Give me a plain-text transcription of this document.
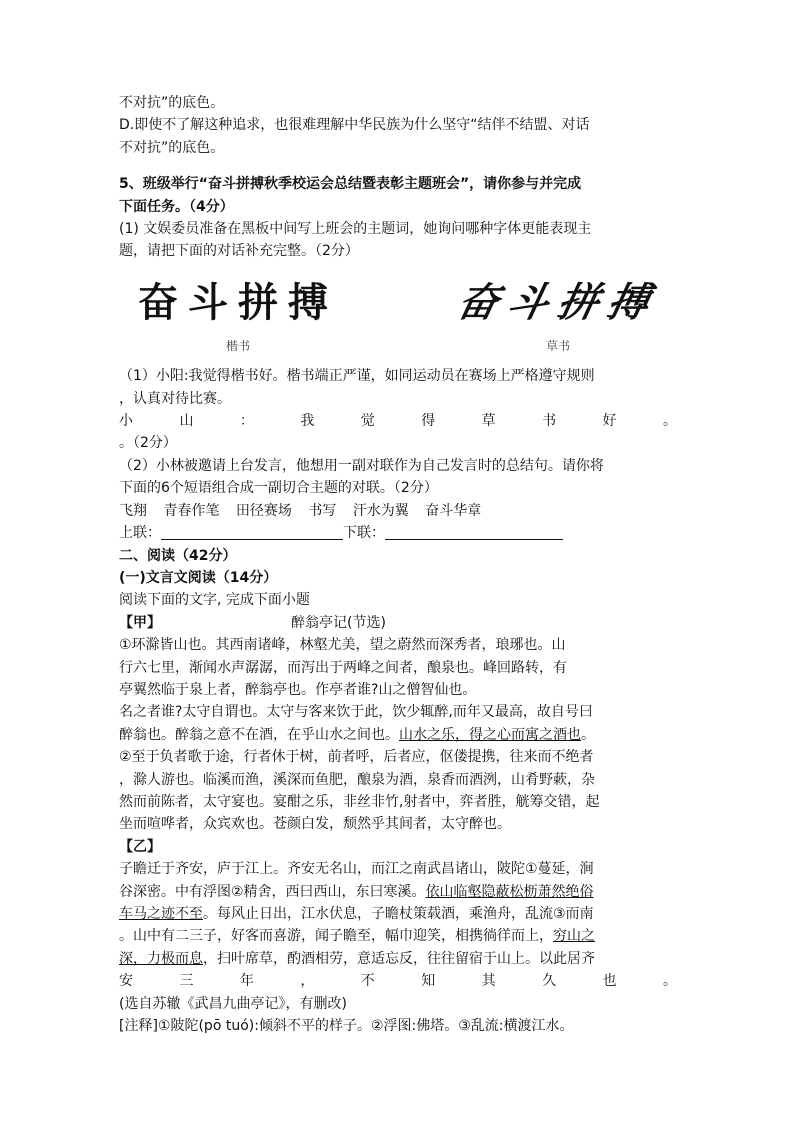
不对抗”的底色。

D.即使不了解这种追求，也很难理解中华民族为什么坚守“结伴不结盟、对话

不对抗”的底色。

5、班级举行“奋斗拼搏秋季校运会总结暨表彰主题班会”，请你参与并完成

下面任务。（4分）

(1) 文娱委员准备在黑板中间写上班会的主题词，她询问哪种字体更能表现主

题，请把下面的对话补充完整。（2分）

奋斗拼搏
楷书
奋斗拼搏
草书

（1）小阳:我觉得楷书好。楷书端正严谨，如同运动员在赛场上严格遵守规则

，认真对待比赛。

小	山	：	我	觉	得	草	书	好	。

。（2分）

（2）小林被邀请上台发言，他想用一副对联作为自己发言时的总结句。请你将

下面的6个短语组合成一副切合主题的对联。（2分）

飞翔 青春作笔 田径赛场 书写 汗水为翼 奋斗华章

上联：	下联：

二、阅读（42分）

(一)文言文阅读（14分）

阅读下面的文字, 完成下面小题

【甲】	醉翁亭记(节选)

①环滁皆山也。其西南诸峰，林壑尤美，望之蔚然而深秀者，琅琊也。山

行六七里，渐闻水声潺潺，而泻出于两峰之间者，酿泉也。峰回路转，有

亭翼然临于泉上者，醉翁亭也。作亭者谁?山之僧智仙也。

名之者谁?太守自谓也。太守与客来饮于此，饮少辄醉,而年又最高，故自号曰

醉翁也。醉翁之意不在酒，在乎山水之间也。山水之乐，得之心而寓之酒也。

②至于负者歌于途，行者休于树，前者呼，后者应，伛偻提携，往来而不绝者

，滁人游也。临溪而渔，溪深而鱼肥，酿泉为酒，泉香而酒洌，山肴野蔌，杂

然而前陈者，太守宴也。宴酣之乐，非丝非竹,射者中，弈者胜，觥筹交错，起

坐而喧哗者，众宾欢也。苍颜白发，颓然乎其间者，太守醉也。

【乙】

子瞻迁于齐安，庐于江上。齐安无名山，而江之南武昌诸山，陂陀①蔓延，涧

谷深密。中有浮图②精舍，西曰西山，东曰寒溪。依山临壑隐蔽松枥萧然绝俗

车马之迹不至。每风止日出，江水伏息，子瞻杖策载酒，乘渔舟，乱流③而南

。山中有二三子，好客而喜游，闻子瞻至，幅巾迎笑，相携徜徉而上，穷山之

深，力极而息，扫叶席草，酌酒相劳，意适忘反，往往留宿于山上。以此居齐

安	三	年	，	不	知	其	久	也	。

(选自苏辙《武昌九曲亭记》，有删改)

[注释]①陂陀(pō tuó):倾斜不平的样子。②浮图:佛塔。③乱流:横渡江水。
